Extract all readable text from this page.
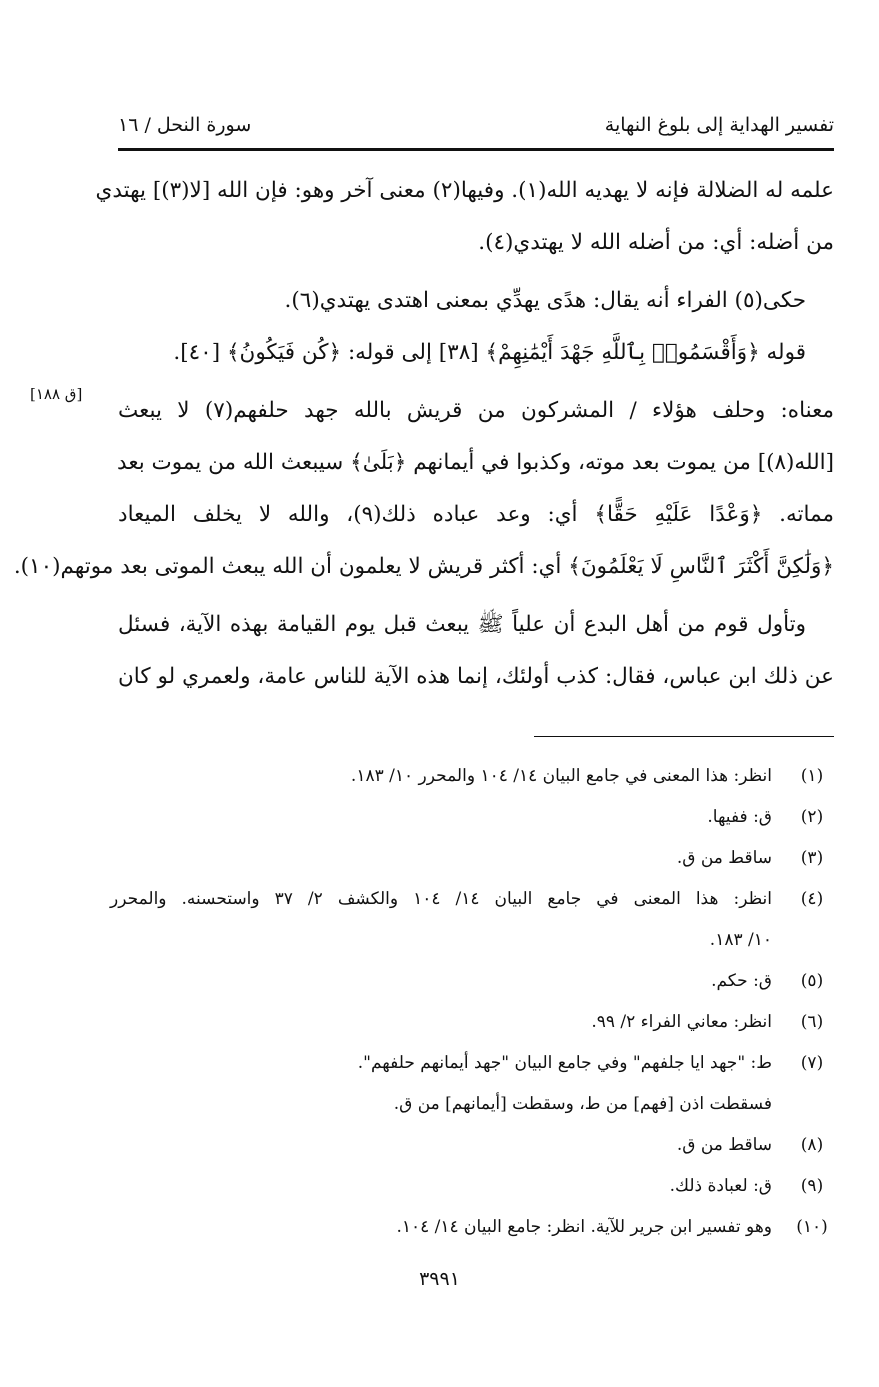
تفسير الهداية إلى بلوغ النهاية
سورة النحل / ١٦
علمه له الضلالة فإنه لا يهديه الله(١). وفيها(٢) معنى آخر وهو: فإن الله [لا(٣)] يهتدي
من أضله: أي: من أضله الله لا يهتدي(٤).
حكى(٥) الفراء أنه يقال: هدًى يهدِّي بمعنى اهتدى يهتدي(٦).
قوله ﴿وَأَقْسَمُوا۟ بِٱللَّهِ جَهْدَ أَيْمَٰنِهِمْ﴾ [٣٨] إلى قوله: ﴿كُن فَيَكُونُ﴾ [٤٠].
معناه: وحلف هؤلاء / المشركون من قريش بالله جهد حلفهم(٧) لا يبعث
[الله(٨)] من يموت بعد موته، وكذبوا في أيمانهم ﴿بَلَىٰ﴾ سيبعث الله من يموت بعد
مماته. ﴿وَعْدًا عَلَيْهِ حَقًّا﴾ أي: وعد عباده ذلك(٩)، والله لا يخلف الميعاد
﴿وَلَٰكِنَّ أَكْثَرَ ٱلنَّاسِ لَا يَعْلَمُونَ﴾ أي: أكثر قريش لا يعلمون أن الله يبعث الموتى بعد موتهم(١٠).
وتأول قوم من أهل البدع أن علياً ﷺ يبعث قبل يوم القيامة بهذه الآية، فسئل
عن ذلك ابن عباس، فقال: كذب أولئك، إنما هذه الآية للناس عامة، ولعمري لو كان
[ق ١٨٨]
(١)
انظر: هذا المعنى في جامع البيان ١٤/ ١٠٤ والمحرر ١٠/ ١٨٣.
(٢)
ق: ففيها.
(٣)
ساقط من ق.
(٤)
انظر: هذا المعنى في جامع البيان ١٤/ ١٠٤ والكشف ٢/ ٣٧ واستحسنه. والمحرر
١٠/ ١٨٣.
(٥)
ق: حكم.
(٦)
انظر: معاني الفراء ٢/ ٩٩.
(٧)
ط: "جهد ايا جلفهم" وفي جامع البيان "جهد أيمانهم حلفهم".
فسقطت اذن [فهم] من ط، وسقطت [أيمانهم] من ق.
(٨)
ساقط من ق.
(٩)
ق: لعبادة ذلك.
(١٠)
وهو تفسير ابن جرير للآية. انظر: جامع البيان ١٤/ ١٠٤.
٣٩٩١
